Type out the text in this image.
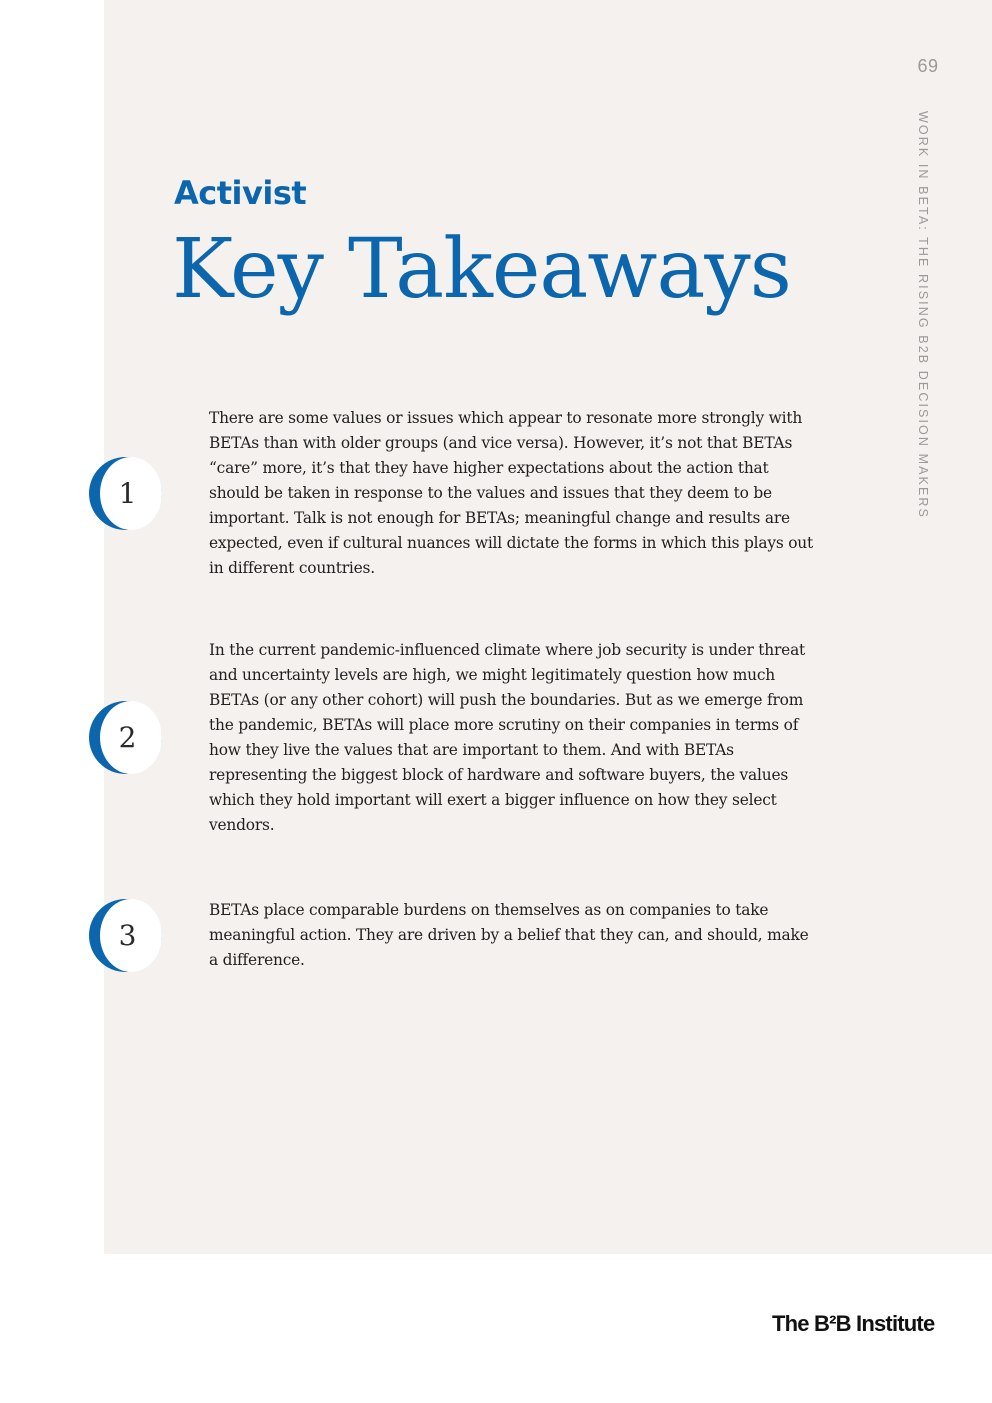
69
WORK IN BETA: THE RISING B2B DECISION MAKERS
Activist
Key Takeaways
1

There are some values or issues which appear to resonate more strongly with BETAs than with older groups (and vice versa). However, it’s not that BETAs “care” more, it’s that they have higher expectations about the action that should be taken in response to the values and issues that they deem to be important. Talk is not enough for BETAs; meaningful change and results are expected, even if cultural nuances will dictate the forms in which this plays out in different countries.

2

In the current pandemic-influenced climate where job security is under threat and uncertainty levels are high, we might legitimately question how much BETAs (or any other cohort) will push the boundaries. But as we emerge from the pandemic, BETAs will place more scrutiny on their companies in terms of how they live the values that are important to them. And with BETAs representing the biggest block of hardware and software buyers, the values which they hold important will exert a bigger influence on how they select vendors.

3

BETAs place comparable burdens on themselves as on companies to take meaningful action. They are driven by a belief that they can, and should, make a difference.

The B²B Institute
